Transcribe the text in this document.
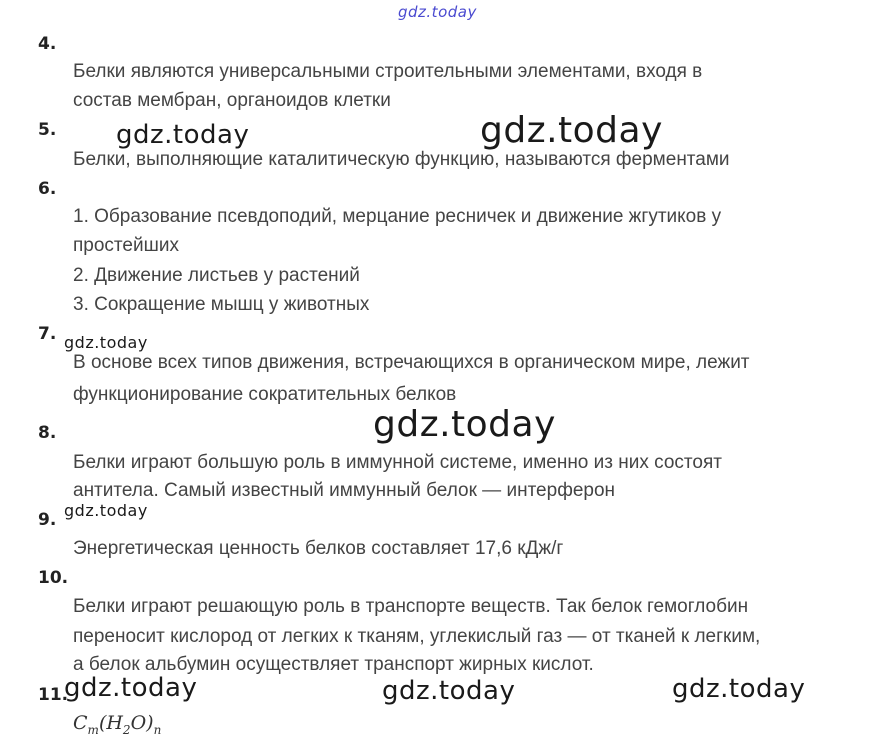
gdz.today
4.
Белки являются универсальными строительными элементами, входя в
состав мембран, органоидов клетки
5. gdz.today	gdz.today
Белки, выполняющие каталитическую функцию, называются ферментами
6.
1. Образование псевдоподий, мерцание ресничек и движение жгутиков у
простейших
2. Движение листьев у растений
3. Сокращение мышц у животных
7. gdz.today
В основе всех типов движения, встречающихся в органическом мире, лежит
функционирование сократительных белков
8.	gdz.today
Белки играют большую роль в иммунной системе, именно из них состоят
антитела. Самый известный иммунный белок — интерферон
9. gdz.today
Энергетическая ценность белков составляет 17,6 кДж/г
10.
Белки играют решающую роль в транспорте веществ. Так белок гемоглобин
переносит кислород от легких к тканям, углекислый газ — от тканей к легким,
а белок альбумин осуществляет транспорт жирных кислот.
11.
gdz.today	gdz.today	gdz.today
$C_m(H_2O)_n$
